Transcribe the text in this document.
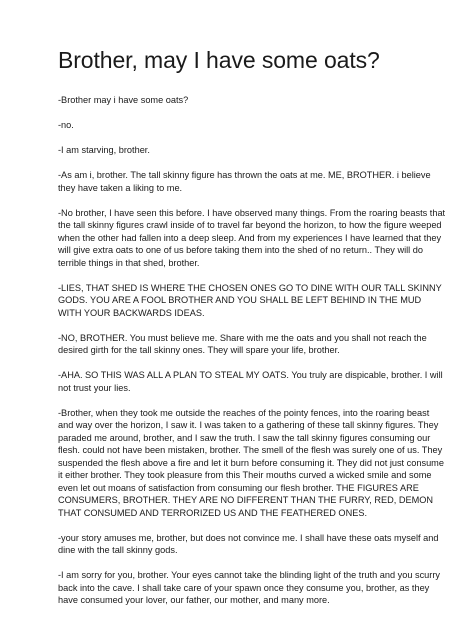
Brother, may I have some oats?

-Brother may i have some oats?

-no.

-I am starving, brother.

-As am i, brother. The tall skinny figure has thrown the oats at me. ME, BROTHER. i believe they have taken a liking to me.

-No brother, I have seen this before. I have observed many things. From the roaring beasts that the tall skinny figures crawl inside of to travel far beyond the horizon, to how the figure weeped when the other had fallen into a deep sleep. And from my experiences I have learned that they will give extra oats to one of us before taking them into the shed of no return.. They will do terrible things in that shed, brother.

-LIES, THAT SHED IS WHERE THE CHOSEN ONES GO TO DINE WITH OUR TALL SKINNY GODS. YOU ARE A FOOL BROTHER AND YOU SHALL BE LEFT BEHIND IN THE MUD WITH YOUR BACKWARDS IDEAS.

-NO, BROTHER. You must believe me. Share with me the oats and you shall not reach the desired girth for the tall skinny ones. They will spare your life, brother.

-AHA. SO THIS WAS ALL A PLAN TO STEAL MY OATS. You truly are dispicable, brother. I will not trust your lies.

-Brother, when they took me outside the reaches of the pointy fences, into the roaring beast and way over the horizon, I saw it. I was taken to a gathering of these tall skinny figures. They paraded me around, brother, and I saw the truth. I saw the tall skinny figures consuming our flesh. could not have been mistaken, brother. The smell of the flesh was surely one of us. They suspended the flesh above a fire and let it burn before consuming it. They did not just consume it either brother. They took pleasure from this Their mouths curved a wicked smile and some even let out moans of satisfaction from consuming our flesh brother. THE FIGURES ARE CONSUMERS, BROTHER. THEY ARE NO DIFFERENT THAN THE FURRY, RED, DEMON THAT CONSUMED AND TERRORIZED US AND THE FEATHERED ONES.

-your story amuses me, brother, but does not convince me. I shall have these oats myself and dine with the tall skinny gods.

-I am sorry for you, brother. Your eyes cannot take the blinding light of the truth and you scurry back into the cave. I shall take care of your spawn once they consume you, brother, as they have consumed your lover, our father, our mother, and many more.
